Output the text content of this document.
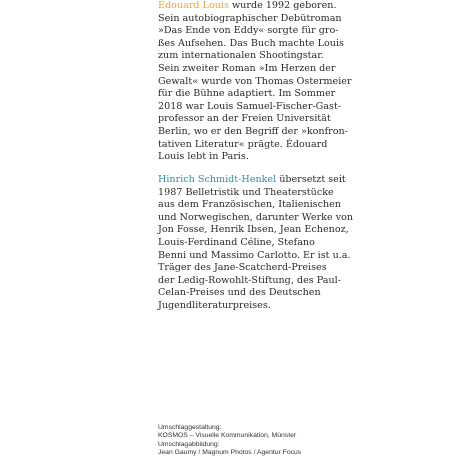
Édouard Louis wurde 1992 geboren.
Sein autobiographischer Debütroman
»Das Ende von Eddy« sorgte für gro-
ßes Aufsehen. Das Buch machte Louis
zum internationalen Shootingstar.
Sein zweiter Roman »Im Herzen der
Gewalt« wurde von Thomas Ostermeier
für die Bühne adaptiert. Im Sommer
2018 war Louis Samuel-Fischer-Gast-
professor an der Freien Universität
Berlin, wo er den Begriff der »konfron-
tativen Literatur« prägte. Édouard
Louis lebt in Paris.
Hinrich Schmidt-Henkel übersetzt seit
1987 Belletristik und Theaterstücke
aus dem Französischen, Italienischen
und Norwegischen, darunter Werke von
Jon Fosse, Henrik Ibsen, Jean Echenoz,
Louis-Ferdinand Céline, Stefano
Benni und Massimo Carlotto. Er ist u.a.
Träger des Jane-Scatcherd-Preises
der Ledig-Rowohlt-Stiftung, des Paul-
Celan-Preises und des Deutschen
Jugendliteraturpreises.
Umschlaggestaltung:
KOSMOS – Visuelle Kommunikation, Münster
Umschlagabbildung:
Jean Gaumy / Magnum Photos / Agentur Focus
